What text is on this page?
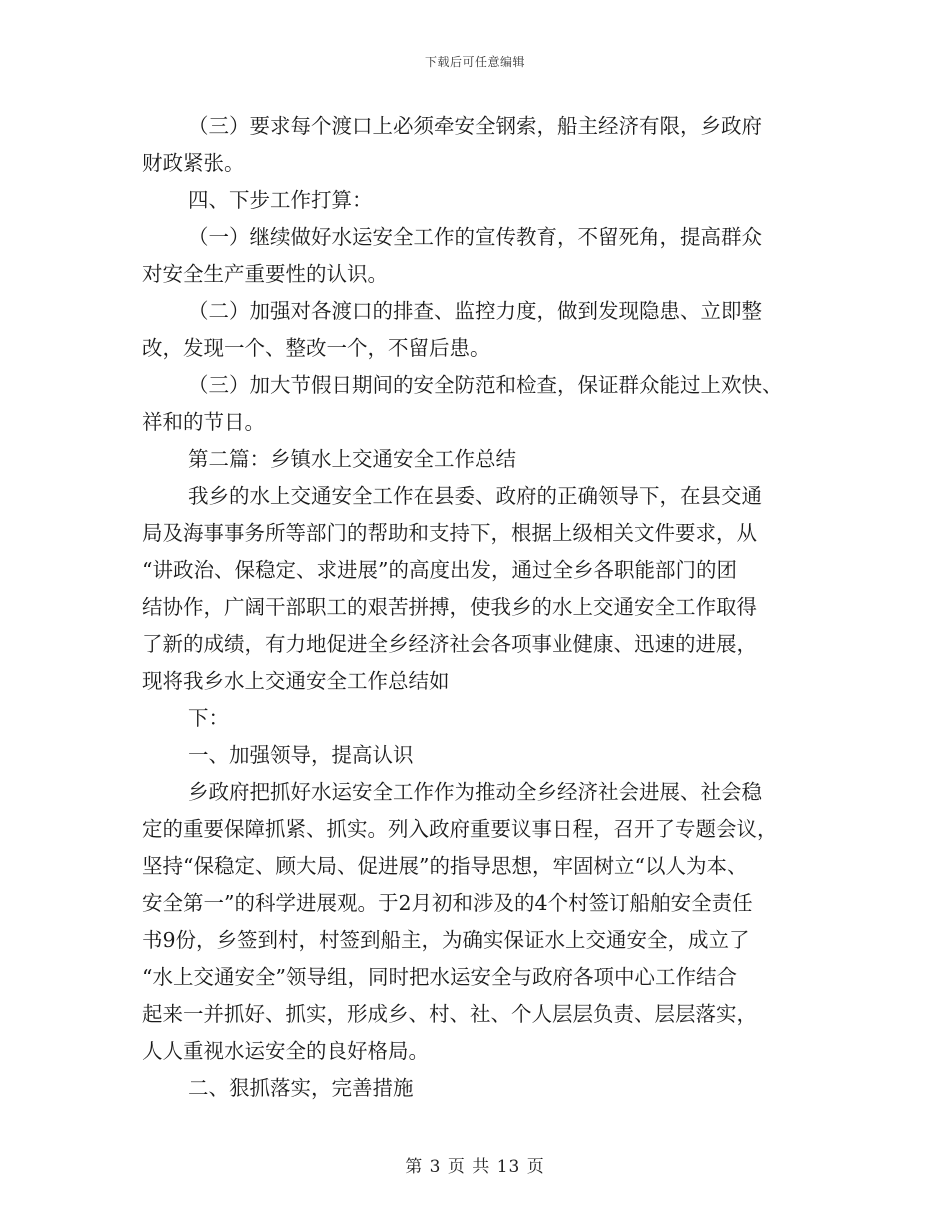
下载后可任意编辑
（三）要求每个渡口上必须牵安全钢索，船主经济有限，乡政府
财政紧张。
四、下步工作打算：
（一）继续做好水运安全工作的宣传教育，不留死角，提高群众
对安全生产重要性的认识。
（二）加强对各渡口的排查、监控力度，做到发现隐患、立即整
改，发现一个、整改一个，不留后患。
（三）加大节假日期间的安全防范和检查，保证群众能过上欢快、
祥和的节日。
第二篇：乡镇水上交通安全工作总结
我乡的水上交通安全工作在县委、政府的正确领导下，在县交通
局及海事事务所等部门的帮助和支持下，根据上级相关文件要求，从
“讲政治、保稳定、求进展”的高度出发，通过全乡各职能部门的团
结协作，广阔干部职工的艰苦拼搏，使我乡的水上交通安全工作取得
了新的成绩，有力地促进全乡经济社会各项事业健康、迅速的进展，
现将我乡水上交通安全工作总结如
下：
一、加强领导，提高认识
乡政府把抓好水运安全工作作为推动全乡经济社会进展、社会稳
定的重要保障抓紧、抓实。列入政府重要议事日程，召开了专题会议，
坚持“保稳定、顾大局、促进展”的指导思想，牢固树立“以人为本、
安全第一”的科学进展观。于2月初和涉及的4个村签订船舶安全责任
书9份，乡签到村，村签到船主，为确实保证水上交通安全，成立了
“水上交通安全”领导组，同时把水运安全与政府各项中心工作结合
起来一并抓好、抓实，形成乡、村、社、个人层层负责、层层落实，
人人重视水运安全的良好格局。
二、狠抓落实，完善措施
第 3 页 共 13 页
